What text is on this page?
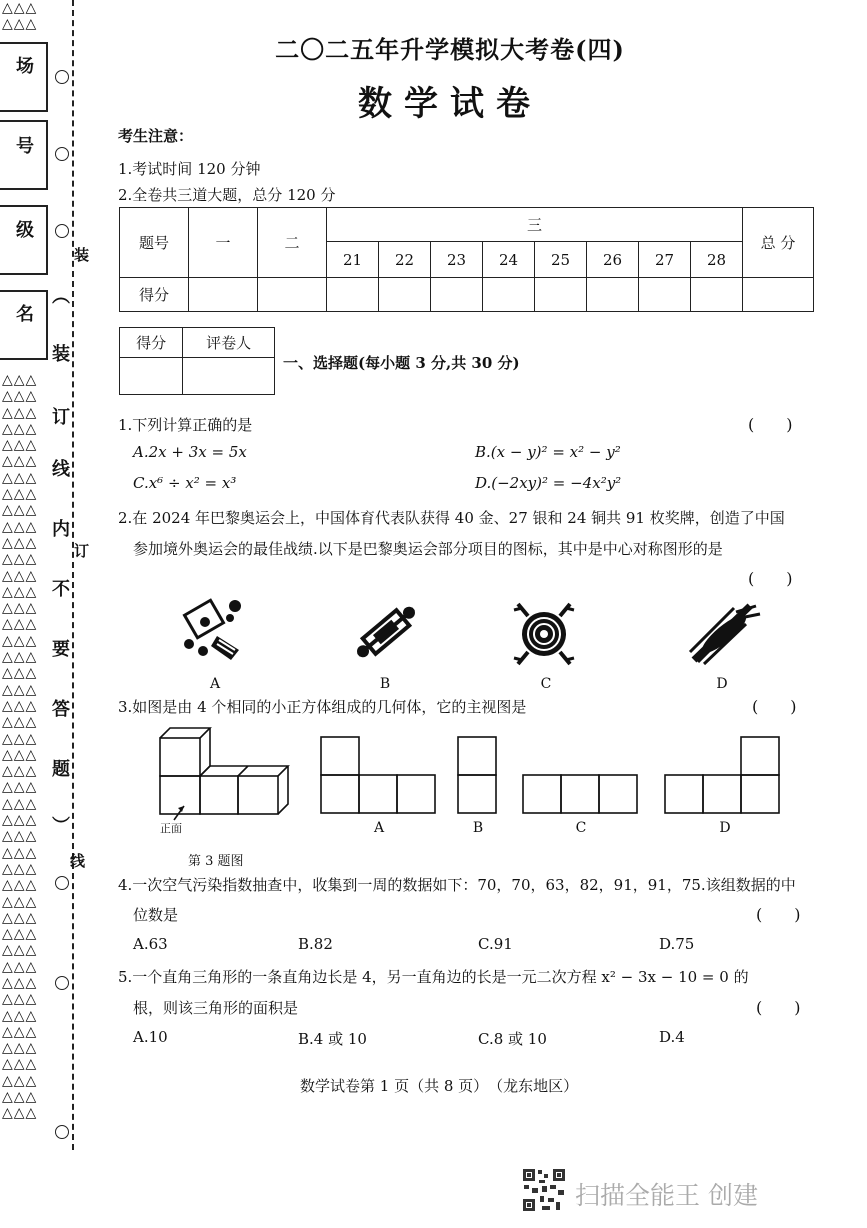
△△△
△△△
场
号
级
名
︵
装
订
线
内
不
要
答
题
︶
装
订
线
△△△
△△△
△△△
△△△
△△△
△△△
△△△
△△△
△△△
△△△
△△△
△△△
△△△
△△△
△△△
△△△
△△△
△△△
△△△
△△△
△△△
△△△
△△△
△△△
△△△
△△△
△△△
△△△
△△△
△△△
△△△
△△△
△△△
△△△
△△△
△△△
△△△
△△△
△△△
△△△
△△△
△△△
△△△
△△△
△△△
△△△
二〇二五年升学模拟大考卷(四)
数学试卷
考生注意：
1.考试时间 120 分钟
2.全卷共三道大题，总分 120 分
题号	一	二	三								总 分
			21	22	23	24	25	26	27	28	
得分											
得分	评卷人

一、选择题(每小题 3 分,共 30 分)
1.下列计算正确的是	(　　)
A.2x + 3x = 5x	B.(x − y)² = x² − y²
C.x⁶ ÷ x² = x³	D.(−2xy)² = −4x²y²
2.在 2024 年巴黎奥运会上，中国体育代表队获得 40 金、27 银和 24 铜共 91 枚奖牌，创造了中国
参加境外奥运会的最佳战绩.以下是巴黎奥运会部分项目的图标，其中是中心对称图形的是
(　　)
A	B	C	D
3.如图是由 4 个相同的小正方体组成的几何体，它的主视图是	(　　)
正面
第 3 题图
A	B	C	D
4.一次空气污染指数抽查中，收集到一周的数据如下：70，70，63，82，91，91，75.该组数据的中
位数是	(　　)
A.63	B.82	C.91	D.75
5.一个直角三角形的一条直角边长是 4，另一直角边的长是一元二次方程 x² − 3x − 10 = 0 的
根，则该三角形的面积是	(　　)
A.10	B.4 或 10	C.8 或 10	D.4
数学试卷第 1 页（共 8 页）　（龙东地区）
扫描全能王 创建
